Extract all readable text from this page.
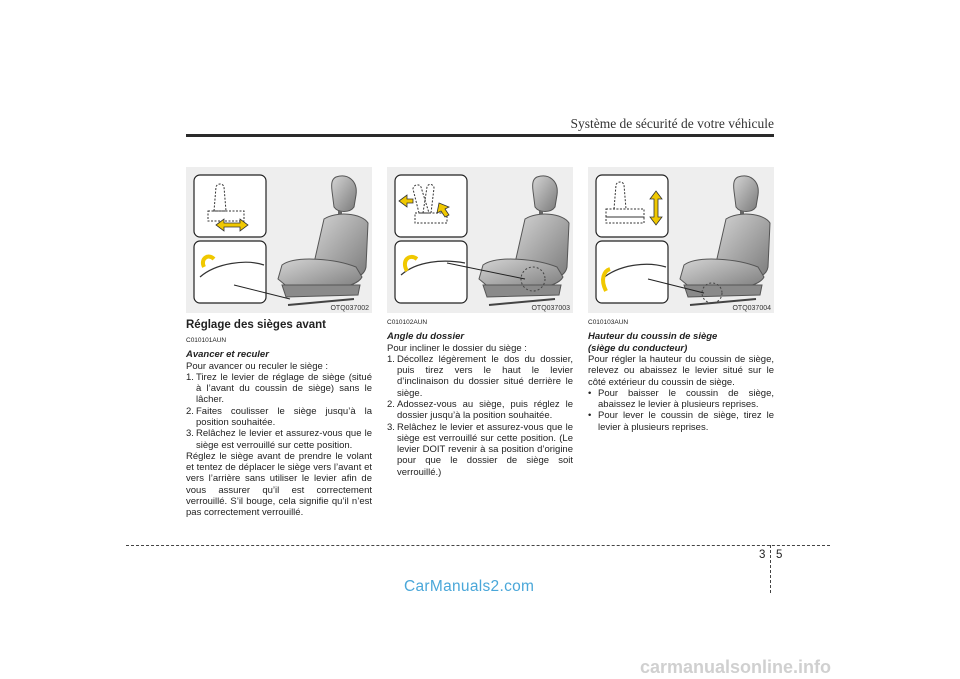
Système de sécurité de votre véhicule
OTQ037002
Réglage des sièges avant
C010101AUN
Avancer et reculer
Pour avancer ou reculer le siège :
1. Tirez le levier de réglage de siège (situé à l’avant du coussin de siège) sans le lâcher.
2. Faites coulisser le siège jusqu’à la position souhaitée.
3. Relâchez le levier et assurez-vous que le siège est verrouillé sur cette position.
Réglez le siège avant de prendre le volant et tentez de déplacer le siège vers l’avant et vers l’arrière sans utiliser le levier afin de vous assurer qu’il est correctement verrouillé. S’il bouge, cela signifie qu’il n’est pas correctement verrouillé.
OTQ037003
C010102AUN
Angle du dossier
Pour incliner le dossier du siège :
1. Décollez légèrement le dos du dossier, puis tirez vers le haut le levier d’inclinaison du dossier situé derrière le siège.
2. Adossez-vous au siège, puis réglez le dossier jusqu’à la position souhaitée.
3. Relâchez le levier et assurez-vous que le siège est verrouillé sur cette position. (Le levier DOIT revenir à sa position d’origine pour que le dossier de siège soit verrouillé.)
OTQ037004
C010103AUN
Hauteur du coussin de siège
(siège du conducteur)
Pour régler la hauteur du coussin de siège, relevez ou abaissez le levier situé sur le côté extérieur du coussin de siège.
• Pour baisser le coussin de siège, abaissez le levier à plusieurs reprises.
• Pour lever le coussin de siège, tirez le levier à plusieurs reprises.
3 5
CarManuals2.com
carmanualsonline.info
